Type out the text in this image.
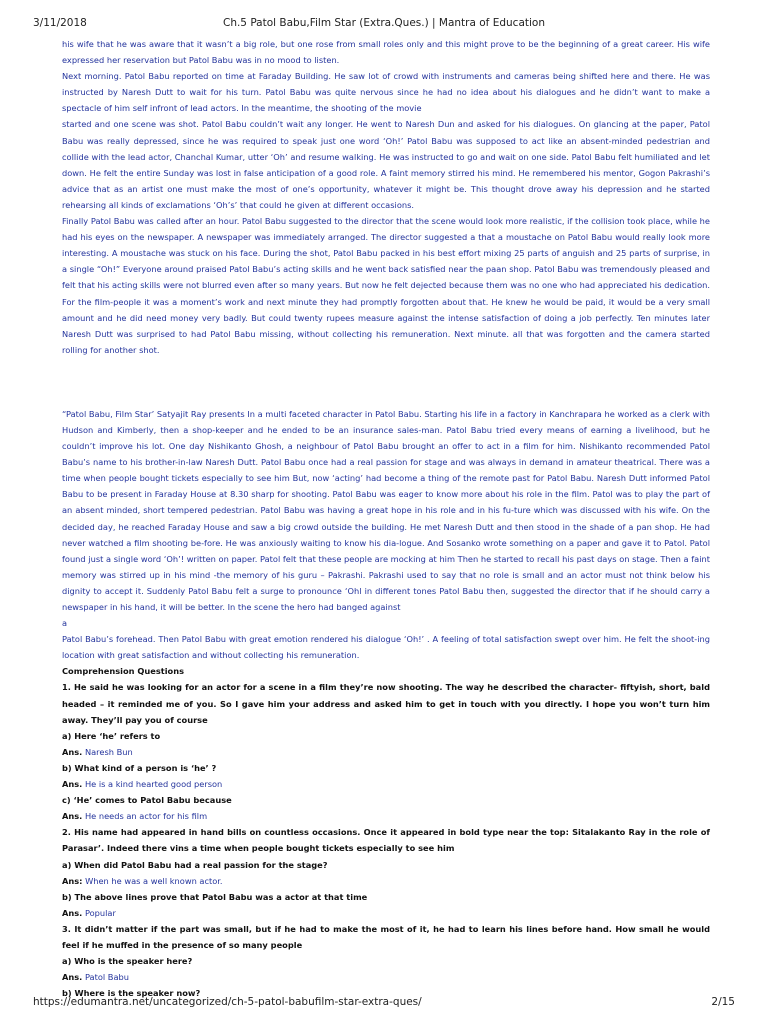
3/11/2018	Ch.5 Patol Babu,Film Star (Extra.Ques.) | Mantra of Education

his wife that he was aware that it wasn’t a big role, but one rose from small roles only and this might prove to be the beginning of a great career. His wife expressed her reservation but Patol Babu was in no mood to listen.

Next morning. Patol Babu reported on time at Faraday Building. He saw lot of crowd with instruments and cameras being shifted here and there. He was instructed by Naresh Dutt to wait for his turn. Patol Babu was quite nervous since he had no idea about his dialogues and he didn’t want to make a spectacle of him self infront of lead actors. In the meantime, the shooting of the movie

started and one scene was shot. Patol Babu couldn’t wait any longer. He went to Naresh Dun and asked for his dialogues. On glancing at the paper, Patol Babu was really depressed, since he was required to speak just one word ‘Oh!’ Patol Babu was supposed to act like an absent-minded pedestrian and collide with the lead actor, Chanchal Kumar, utter ‘Oh’ and resume walking. He was instructed to go and wait on one side. Patol Babu felt humiliated and let down. He felt the entire Sunday was lost in false anticipation of a good role. A faint memory stirred his mind. He remembered his mentor, Gogon Pakrashi’s advice that as an artist one must make the most of one’s opportunity, whatever it might be. This thought drove away his depression and he started rehearsing all kinds of exclamations ‘Oh’s’ that could he given at different occasions.

Finally Patol Babu was called after an hour. Patol Babu suggested to the director that the scene would look more realistic, if the collision took place, while he had his eyes on the newspaper. A newspaper was immediately arranged. The director suggested a that a moustache on Patol Babu would really look more interesting. A moustache was stuck on his face. During the shot, Patol Babu packed in his best effort mixing 25 parts of anguish and 25 parts of surprise, in a single “Oh!” Everyone around praised Patol Babu’s acting skills and he went back satisfied near the paan shop. Patol Babu was tremendously pleased and felt that his acting skills were not blurred even after so many years. But now he felt dejected because them was no one who had appreciated his dedication. For the film-people it was a moment’s work and next minute they had promptly forgotten about that. He knew he would be paid, it would be a very small amount and he did need money very badly. But could twenty rupees measure against the intense satisfaction of doing a job perfectly. Ten minutes later Naresh Dutt was surprised to had Patol Babu missing, without collecting his remuneration. Next minute. all that was forgotten and the camera started rolling for another shot.

“Patol Babu, Film Star’ Satyajit Ray presents In a multi faceted character in Patol Babu. Starting his life in a factory in Kanchrapara he worked as a clerk with Hudson and Kimberly, then a shop-keeper and he ended to be an insurance sales-man. Patol Babu tried every means of earning a livelihood, but he couldn’t improve his lot. One day Nishikanto Ghosh, a neighbour of Patol Babu brought an offer to act in a film for him. Nishikanto recommended Patol Babu’s name to his brother-in-law Naresh Dutt. Patol Babu once had a real passion for stage and was always in demand in amateur theatrical. There was a time when people bought tickets especially to see him But, now ‘acting’ had become a thing of the remote past for Patol Babu. Naresh Dutt informed Patol Babu to be present in Faraday House at 8.30 sharp for shooting. Patol Babu was eager to know more about his role in the film. Patol was to play the part of an absent minded, short tempered pedestrian. Patol Babu was having a great hope in his role and in his fu-ture which was discussed with his wife. On the decided day, he reached Faraday House and saw a big crowd outside the building. He met Naresh Dutt and then stood in the shade of a pan shop. He had never watched a film shooting be-fore. He was anxiously waiting to know his dia-logue. And Sosanko wrote something on a paper and gave it to Patol. Patol found just a single word ‘Oh’! written on paper. Patol felt that these people are mocking at him Then he started to recall his past days on stage. Then a faint memory was stirred up in his mind -the memory of his guru – Pakrashi. Pakrashi used to say that no role is small and an actor must not think below his dignity to accept it. Suddenly Patol Babu felt a surge to pronounce ‘Ohl in different tones Patol Babu then, suggested the director that if he should carry a newspaper in his hand, it will be better. In the scene the hero had banged against

a

Patol Babu’s forehead. Then Patol Babu with great emotion rendered his dialogue ‘Oh!’ . A feeling of total satisfaction swept over him. He felt the shoot-ing location with great satisfaction and without collecting his remuneration.

Comprehension Questions

1. He said he was looking for an actor for a scene in a film they’re now shooting. The way he described the character- fiftyish, short, bald headed – it reminded me of you. So I gave him your address and asked him to get in touch with you directly. I hope you won’t turn him away. They’ll pay you of course

a) Here ‘he’ refers to

Ans. Naresh Bun

b) What kind of a person is ‘he’ ?

Ans. He is a kind hearted good person

c) ‘He’ comes to Patol Babu because

Ans. He needs an actor for his film

2. His name had appeared in hand bills on countless occasions. Once it appeared in bold type near the top: Sitalakanto Ray in the role of Parasar’. Indeed there vins a time when people bought tickets especially to see him

a) When did Patol Babu had a real passion for the stage?

Ans: When he was a well known actor.

b) The above lines prove that Patol Babu was a actor at that time

Ans. Popular

3. It didn’t matter if the part was small, but if he had to make the most of it, he had to learn his lines before hand. How small he would feel if he muffed in the presence of so many people

a) Who is the speaker here?

Ans. Patol Babu

b) Where is the speaker now?

https://edumantra.net/uncategorized/ch-5-patol-babufilm-star-extra-ques/	2/15
